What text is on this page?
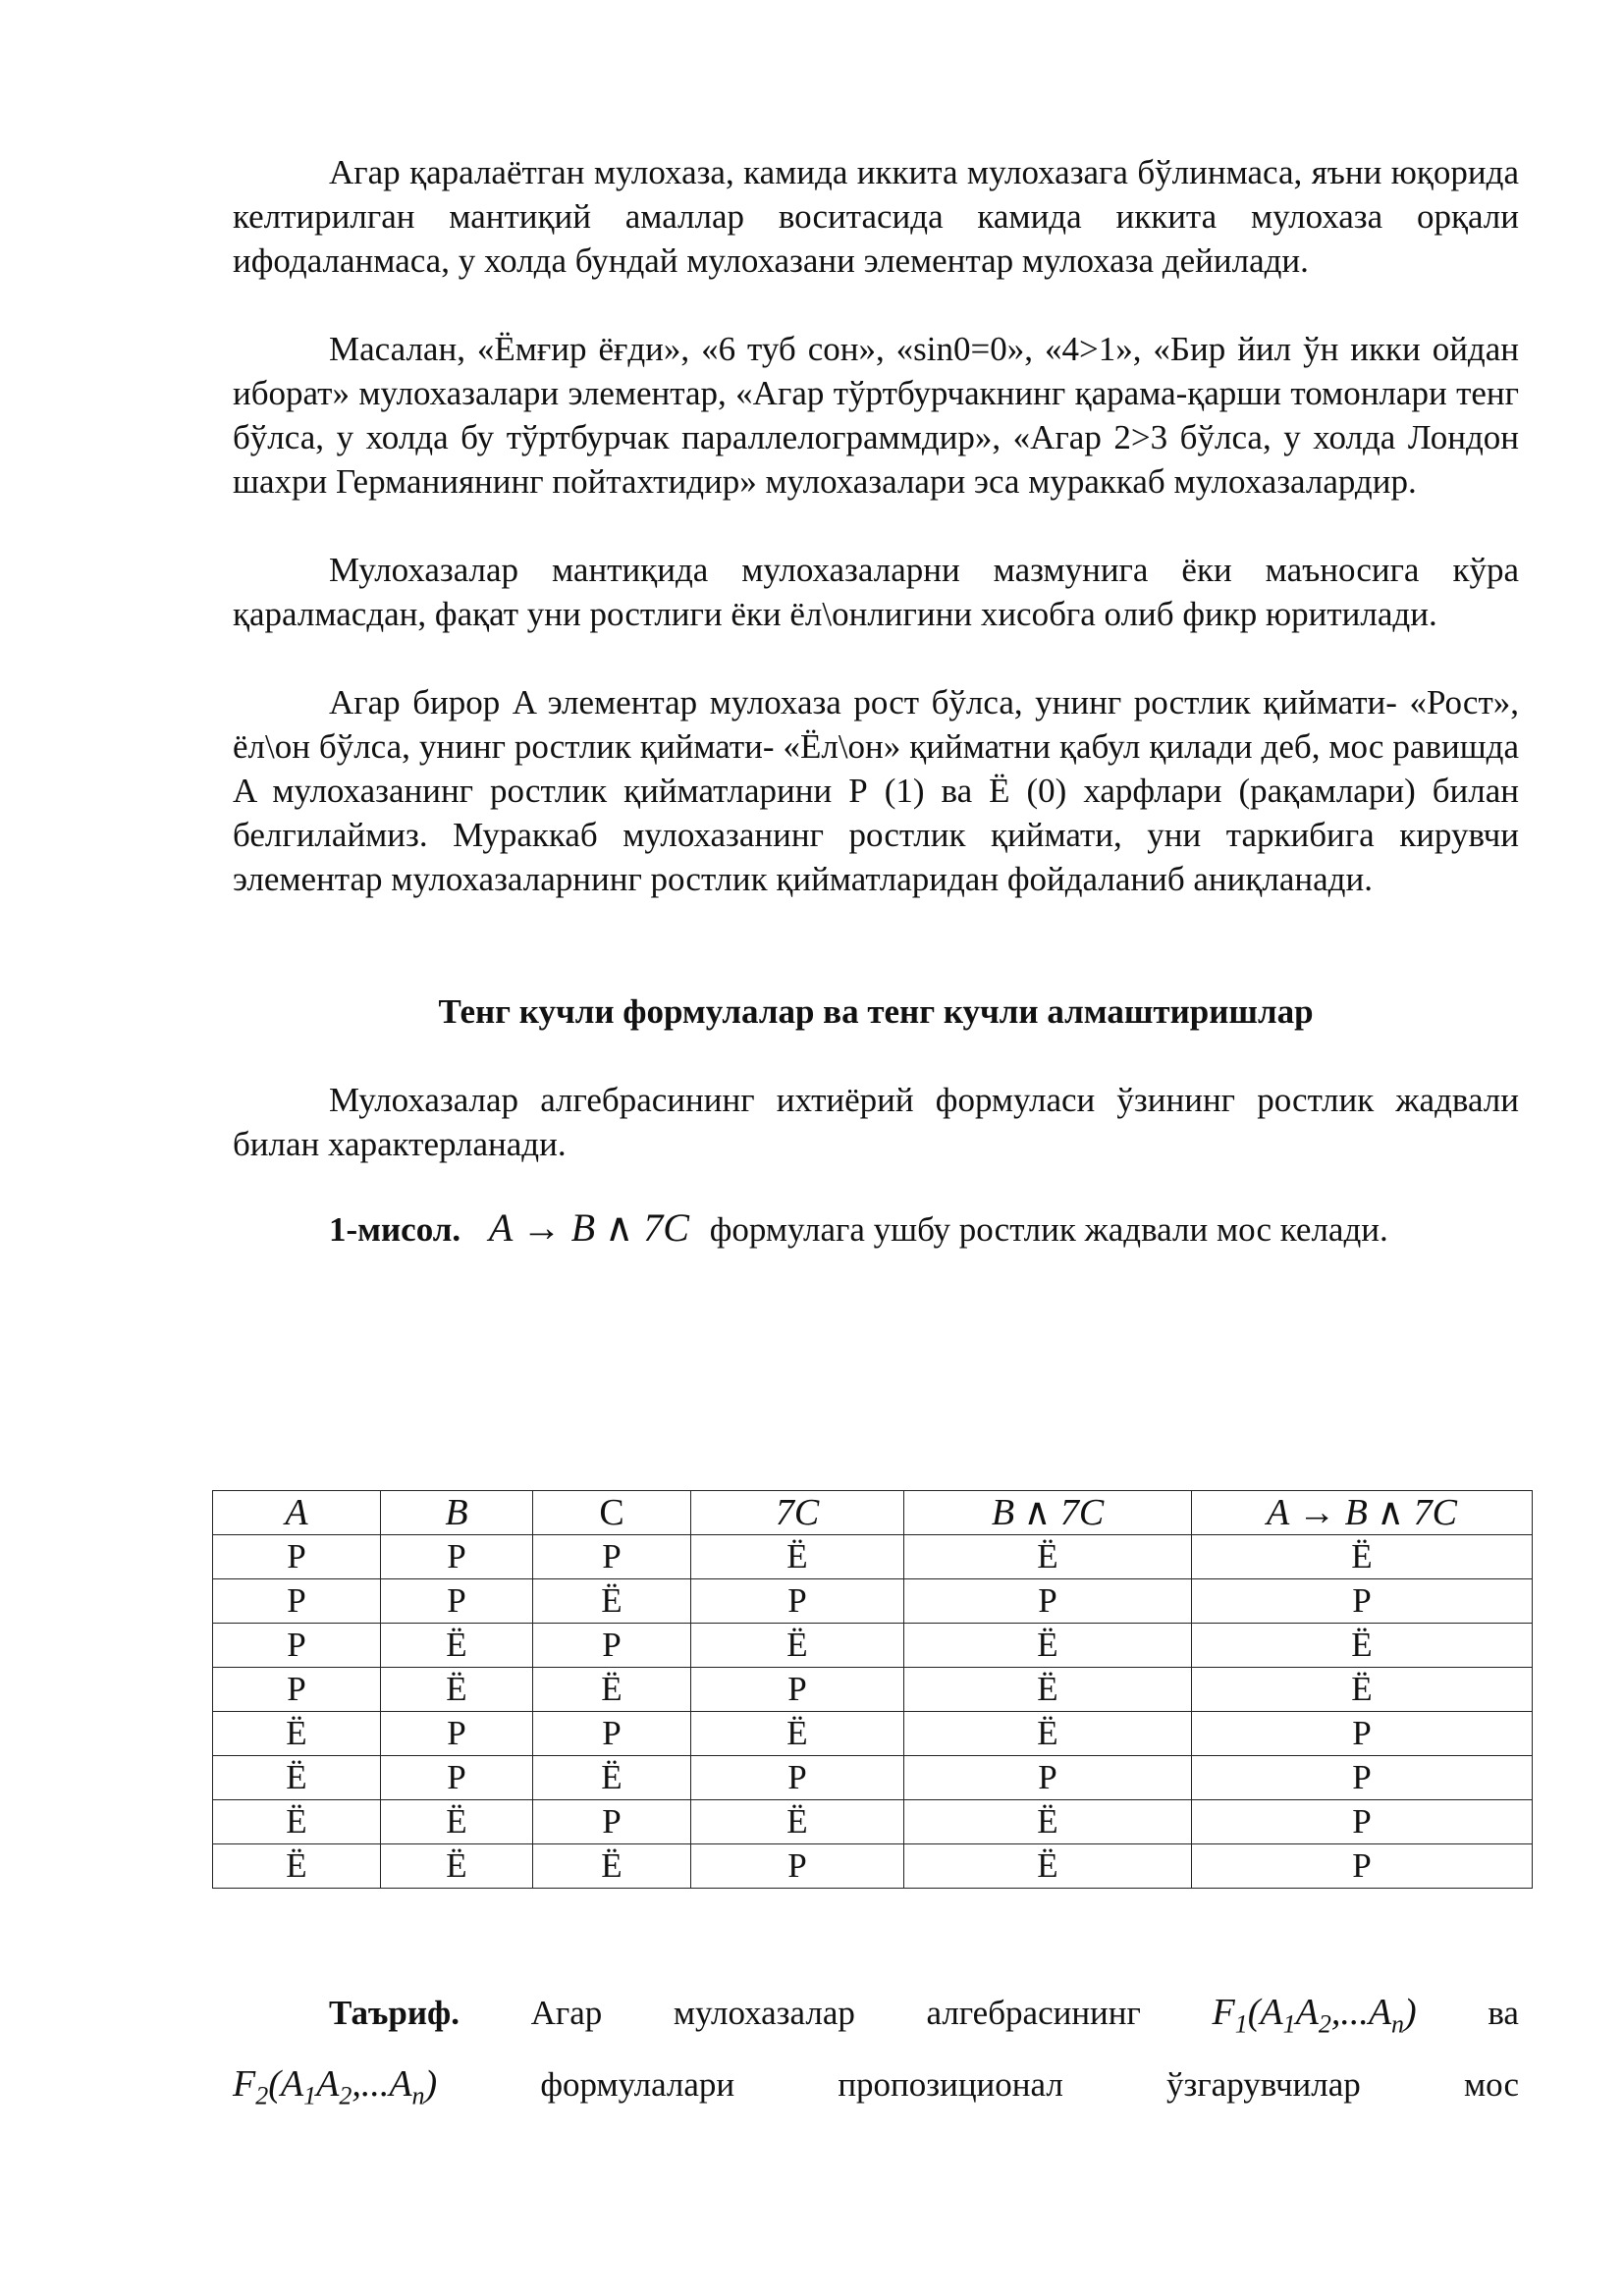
Агар қаралаётган мулохаза, камида иккита мулохазага бўлинмаса, яъни юқорида келтирилган мантиқий амаллар воситасида камида иккита мулохаза орқали ифодаланмаса, у холда бундай мулохазани элементар мулохаза дейилади.

Масалан, «Ёмғир ёғди», «6 туб сон», «sin0=0», «4>1», «Бир йил ўн икки ойдан иборат» мулохазалари элементар, «Агар тўртбурчакнинг қарама-қарши томонлари тенг бўлса, у холда бу тўртбурчак параллелограммдир», «Агар 2>3 бўлса, у холда Лондон шахри Германиянинг пойтахтидир» мулохазалари эса мураккаб мулохазалардир.

Мулохазалар мантиқида мулохазаларни мазмунига ёки маъносига кўра қаралмасдан, фақат уни ростлиги ёки ёл\онлигини хисобга олиб фикр юритилади.

Агар бирор A элементар мулохаза рост бўлса, унинг ростлик қиймати- «Рост», ёл\он бўлса, унинг ростлик қиймати- «Ёл\он» қийматни қабул қилади деб, мос равишда A мулохазанинг ростлик қийматларини Р (1) ва Ё (0) харфлари (рақамлари) билан белгилаймиз. Мураккаб мулохазанинг ростлик қиймати, уни таркибига кирувчи элементар мулохазаларнинг ростлик қийматларидан фойдаланиб аниқланади.

Тенг кучли формулалар ва тенг кучли алмаштиришлар

Мулохазалар алгебрасининг ихтиёрий формуласи ўзининг ростлик жадвали билан характерланади.

1-мисол. A → B ∧ 7C формулага ушбу ростлик жадвали мос келади.
A	B	C	7C	B ∧ 7C	A → B ∧ 7C
Р	Р	Р	Ё	Ё	Ё
Р	Р	Ё	Р	Р	Р
Р	Ё	Р	Ё	Ё	Ё
Р	Ё	Ё	Р	Ё	Ё
Ё	Р	Р	Ё	Ё	Р
Ё	Р	Ё	Р	Р	Р
Ё	Ё	Р	Ё	Ё	Р
Ё	Ё	Ё	Р	Ё	Р
Таъриф. Агар мулохазалар алгебрасининг $F_1(A_1A_2,...A_n)$ ва
$F_2(A_1A_2,...A_n)$	формулалари	пропозиционал	ўзгарувчилар	мос
